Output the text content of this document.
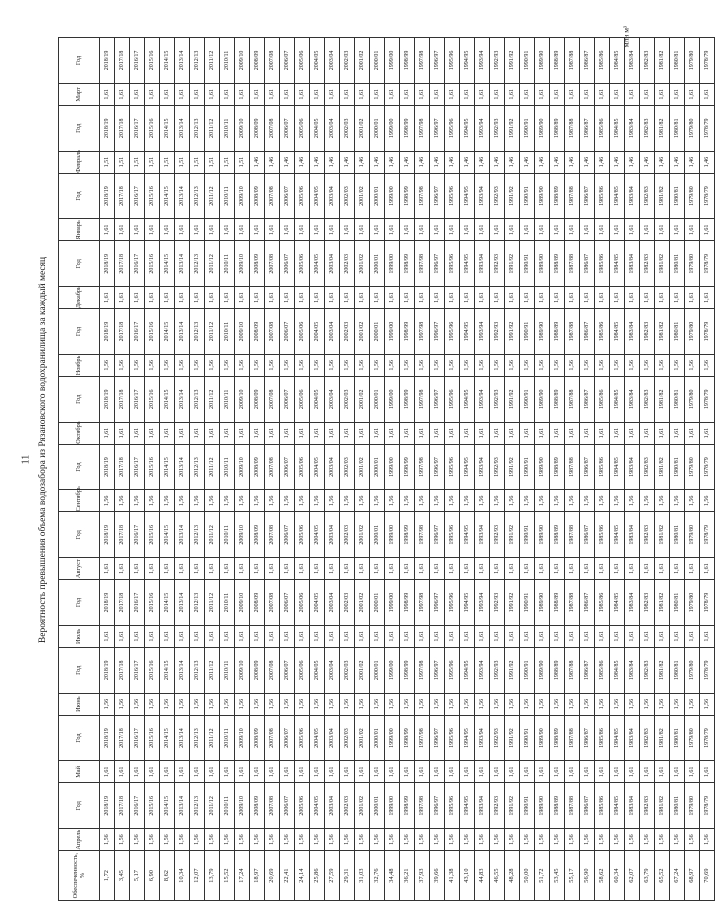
11 Вероятность превышения объема водозабора из Рязановского водохранилища за каждый месяц
млн м³
Обеспеченность, %	Апрель	Год	Май	Год	Июнь	Год	Июль	Год	Август	Год	Сентябрь	Год	Октябрь	Год	Ноябрь	Год	Декабрь	Год	Январь	Год	Февраль	Год	Март	Год
1,72	1,56	2018/19	1,61	2018/19	1,56	2018/19	1,61	2018/19	1,61	2018/19	1,56	2018/19	1,61	2018/19	1,56	2018/19	1,61	2018/19	1,61	2018/19	1,51	2018/19	1,61	2018/19
3,45	1,56	2017/18	1,61	2017/18	1,56	2017/18	1,61	2017/18	1,61	2017/18	1,56	2017/18	1,61	2017/18	1,56	2017/18	1,61	2017/18	1,61	2017/18	1,51	2017/18	1,61	2017/18
5,17	1,56	2016/17	1,61	2016/17	1,56	2016/17	1,61	2016/17	1,61	2016/17	1,56	2016/17	1,61	2016/17	1,56	2016/17	1,61	2016/17	1,61	2016/17	1,51	2016/17	1,61	2016/17
6,90	1,56	2015/16	1,61	2015/16	1,56	2015/16	1,61	2015/16	1,61	2015/16	1,56	2015/16	1,61	2015/16	1,56	2015/16	1,61	2015/16	1,61	2015/16	1,51	2015/16	1,61	2015/16
8,62	1,56	2014/15	1,61	2014/15	1,56	2014/15	1,61	2014/15	1,61	2014/15	1,56	2014/15	1,61	2014/15	1,56	2014/15	1,61	2014/15	1,61	2014/15	1,51	2014/15	1,61	2014/15
10,34	1,56	2013/14	1,61	2013/14	1,56	2013/14	1,61	2013/14	1,61	2013/14	1,56	2013/14	1,61	2013/14	1,56	2013/14	1,61	2013/14	1,61	2013/14	1,51	2013/14	1,61	2013/14
12,07	1,56	2012/13	1,61	2012/13	1,56	2012/13	1,61	2012/13	1,61	2012/13	1,56	2012/13	1,61	2012/13	1,56	2012/13	1,61	2012/13	1,61	2012/13	1,51	2012/13	1,61	2012/13
13,79	1,56	2011/12	1,61	2011/12	1,56	2011/12	1,61	2011/12	1,61	2011/12	1,56	2011/12	1,61	2011/12	1,56	2011/12	1,61	2011/12	1,61	2011/12	1,51	2011/12	1,61	2011/12
15,52	1,56	2010/11	1,61	2010/11	1,56	2010/11	1,61	2010/11	1,61	2010/11	1,56	2010/11	1,61	2010/11	1,56	2010/11	1,61	2010/11	1,61	2010/11	1,51	2010/11	1,61	2010/11
17,24	1,56	2009/10	1,61	2009/10	1,56	2009/10	1,61	2009/10	1,61	2009/10	1,56	2009/10	1,61	2009/10	1,56	2009/10	1,61	2009/10	1,61	2009/10	1,51	2009/10	1,61	2009/10
18,97	1,56	2008/09	1,61	2008/09	1,56	2008/09	1,61	2008/09	1,61	2008/09	1,56	2008/09	1,61	2008/09	1,56	2008/09	1,61	2008/09	1,61	2008/09	1,46	2008/09	1,61	2008/09
20,69	1,56	2007/08	1,61	2007/08	1,56	2007/08	1,61	2007/08	1,61	2007/08	1,56	2007/08	1,61	2007/08	1,56	2007/08	1,61	2007/08	1,61	2007/08	1,46	2007/08	1,61	2007/08
22,41	1,56	2006/07	1,61	2006/07	1,56	2006/07	1,61	2006/07	1,61	2006/07	1,56	2006/07	1,61	2006/07	1,56	2006/07	1,61	2006/07	1,61	2006/07	1,46	2006/07	1,61	2006/07
24,14	1,56	2005/06	1,61	2005/06	1,56	2005/06	1,61	2005/06	1,61	2005/06	1,56	2005/06	1,61	2005/06	1,56	2005/06	1,61	2005/06	1,61	2005/06	1,46	2005/06	1,61	2005/06
25,86	1,56	2004/05	1,61	2004/05	1,56	2004/05	1,61	2004/05	1,61	2004/05	1,56	2004/05	1,61	2004/05	1,56	2004/05	1,61	2004/05	1,61	2004/05	1,46	2004/05	1,61	2004/05
27,59	1,56	2003/04	1,61	2003/04	1,56	2003/04	1,61	2003/04	1,61	2003/04	1,56	2003/04	1,61	2003/04	1,56	2003/04	1,61	2003/04	1,61	2003/04	1,46	2003/04	1,61	2003/04
29,31	1,56	2002/03	1,61	2002/03	1,56	2002/03	1,61	2002/03	1,61	2002/03	1,56	2002/03	1,61	2002/03	1,56	2002/03	1,61	2002/03	1,61	2002/03	1,46	2002/03	1,61	2002/03
31,03	1,56	2001/02	1,61	2001/02	1,56	2001/02	1,61	2001/02	1,61	2001/02	1,56	2001/02	1,61	2001/02	1,56	2001/02	1,61	2001/02	1,61	2001/02	1,46	2001/02	1,61	2001/02
32,76	1,56	2000/01	1,61	2000/01	1,56	2000/01	1,61	2000/01	1,61	2000/01	1,56	2000/01	1,61	2000/01	1,56	2000/01	1,61	2000/01	1,61	2000/01	1,46	2000/01	1,61	2000/01
34,48	1,56	1999/00	1,61	1999/00	1,56	1999/00	1,61	1999/00	1,61	1999/00	1,56	1999/00	1,61	1999/00	1,56	1999/00	1,61	1999/00	1,61	1999/00	1,46	1999/00	1,61	1999/00
36,21	1,56	1998/99	1,61	1998/99	1,56	1998/99	1,61	1998/99	1,61	1998/99	1,56	1998/99	1,61	1998/99	1,56	1998/99	1,61	1998/99	1,61	1998/99	1,46	1998/99	1,61	1998/99
37,93	1,56	1997/98	1,61	1997/98	1,56	1997/98	1,61	1997/98	1,61	1997/98	1,56	1997/98	1,61	1997/98	1,56	1997/98	1,61	1997/98	1,61	1997/98	1,46	1997/98	1,61	1997/98
39,66	1,56	1996/97	1,61	1996/97	1,56	1996/97	1,61	1996/97	1,61	1996/97	1,56	1996/97	1,61	1996/97	1,56	1996/97	1,61	1996/97	1,61	1996/97	1,46	1996/97	1,61	1996/97
41,38	1,56	1995/96	1,61	1995/96	1,56	1995/96	1,61	1995/96	1,61	1995/96	1,56	1995/96	1,61	1995/96	1,56	1995/96	1,61	1995/96	1,61	1995/96	1,46	1995/96	1,61	1995/96
43,10	1,56	1994/95	1,61	1994/95	1,56	1994/95	1,61	1994/95	1,61	1994/95	1,56	1994/95	1,61	1994/95	1,56	1994/95	1,61	1994/95	1,61	1994/95	1,46	1994/95	1,61	1994/95
44,83	1,56	1993/94	1,61	1993/94	1,56	1993/94	1,61	1993/94	1,61	1993/94	1,56	1993/94	1,61	1993/94	1,56	1993/94	1,61	1993/94	1,61	1993/94	1,46	1993/94	1,61	1993/94
46,55	1,56	1992/93	1,61	1992/93	1,56	1992/93	1,61	1992/93	1,61	1992/93	1,56	1992/93	1,61	1992/93	1,56	1992/93	1,61	1992/93	1,61	1992/93	1,46	1992/93	1,61	1992/93
48,28	1,56	1991/92	1,61	1991/92	1,56	1991/92	1,61	1991/92	1,61	1991/92	1,56	1991/92	1,61	1991/92	1,56	1991/92	1,61	1991/92	1,61	1991/92	1,46	1991/92	1,61	1991/92
50,00	1,56	1990/91	1,61	1990/91	1,56	1990/91	1,61	1990/91	1,61	1990/91	1,56	1990/91	1,61	1990/91	1,56	1990/91	1,61	1990/91	1,61	1990/91	1,46	1990/91	1,61	1990/91
51,72	1,56	1989/90	1,61	1989/90	1,56	1989/90	1,61	1989/90	1,61	1989/90	1,56	1989/90	1,61	1989/90	1,56	1989/90	1,61	1989/90	1,61	1989/90	1,46	1989/90	1,61	1989/90
53,45	1,56	1988/89	1,61	1988/89	1,56	1988/89	1,61	1988/89	1,61	1988/89	1,56	1988/89	1,61	1988/89	1,56	1988/89	1,61	1988/89	1,61	1988/89	1,46	1988/89	1,61	1988/89
55,17	1,56	1987/88	1,61	1987/88	1,56	1987/88	1,61	1987/88	1,61	1987/88	1,56	1987/88	1,61	1987/88	1,56	1987/88	1,61	1987/88	1,61	1987/88	1,46	1987/88	1,61	1987/88
56,90	1,56	1986/87	1,61	1986/87	1,56	1986/87	1,61	1986/87	1,61	1986/87	1,56	1986/87	1,61	1986/87	1,56	1986/87	1,61	1986/87	1,61	1986/87	1,46	1986/87	1,61	1986/87
58,62	1,56	1985/86	1,61	1985/86	1,56	1985/86	1,61	1985/86	1,61	1985/86	1,56	1985/86	1,61	1985/86	1,56	1985/86	1,61	1985/86	1,61	1985/86	1,46	1985/86	1,61	1985/86
60,34	1,56	1984/85	1,61	1984/85	1,56	1984/85	1,61	1984/85	1,61	1984/85	1,56	1984/85	1,61	1984/85	1,56	1984/85	1,61	1984/85	1,61	1984/85	1,46	1984/85	1,61	1984/85
62,07	1,56	1983/84	1,61	1983/84	1,56	1983/84	1,61	1983/84	1,61	1983/84	1,56	1983/84	1,61	1983/84	1,56	1983/84	1,61	1983/84	1,61	1983/84	1,46	1983/84	1,61	1983/84
63,79	1,56	1982/83	1,61	1982/83	1,56	1982/83	1,61	1982/83	1,61	1982/83	1,56	1982/83	1,61	1982/83	1,56	1982/83	1,61	1982/83	1,61	1982/83	1,46	1982/83	1,61	1982/83
65,52	1,56	1981/82	1,61	1981/82	1,56	1981/82	1,61	1981/82	1,61	1981/82	1,56	1981/82	1,61	1981/82	1,56	1981/82	1,61	1981/82	1,61	1981/82	1,46	1981/82	1,61	1981/82
67,24	1,56	1980/81	1,61	1980/81	1,56	1980/81	1,61	1980/81	1,61	1980/81	1,56	1980/81	1,61	1980/81	1,56	1980/81	1,61	1980/81	1,61	1980/81	1,46	1980/81	1,61	1980/81
68,97	1,56	1979/80	1,61	1979/80	1,56	1979/80	1,61	1979/80	1,61	1979/80	1,56	1979/80	1,61	1979/80	1,56	1979/80	1,61	1979/80	1,61	1979/80	1,46	1979/80	1,61	1979/80
70,69	1,56	1978/79	1,61	1978/79	1,56	1978/79	1,61	1978/79	1,61	1978/79	1,56	1978/79	1,61	1978/79	1,56	1978/79	1,61	1978/79	1,61	1978/79	1,46	1978/79	1,61	1978/79
